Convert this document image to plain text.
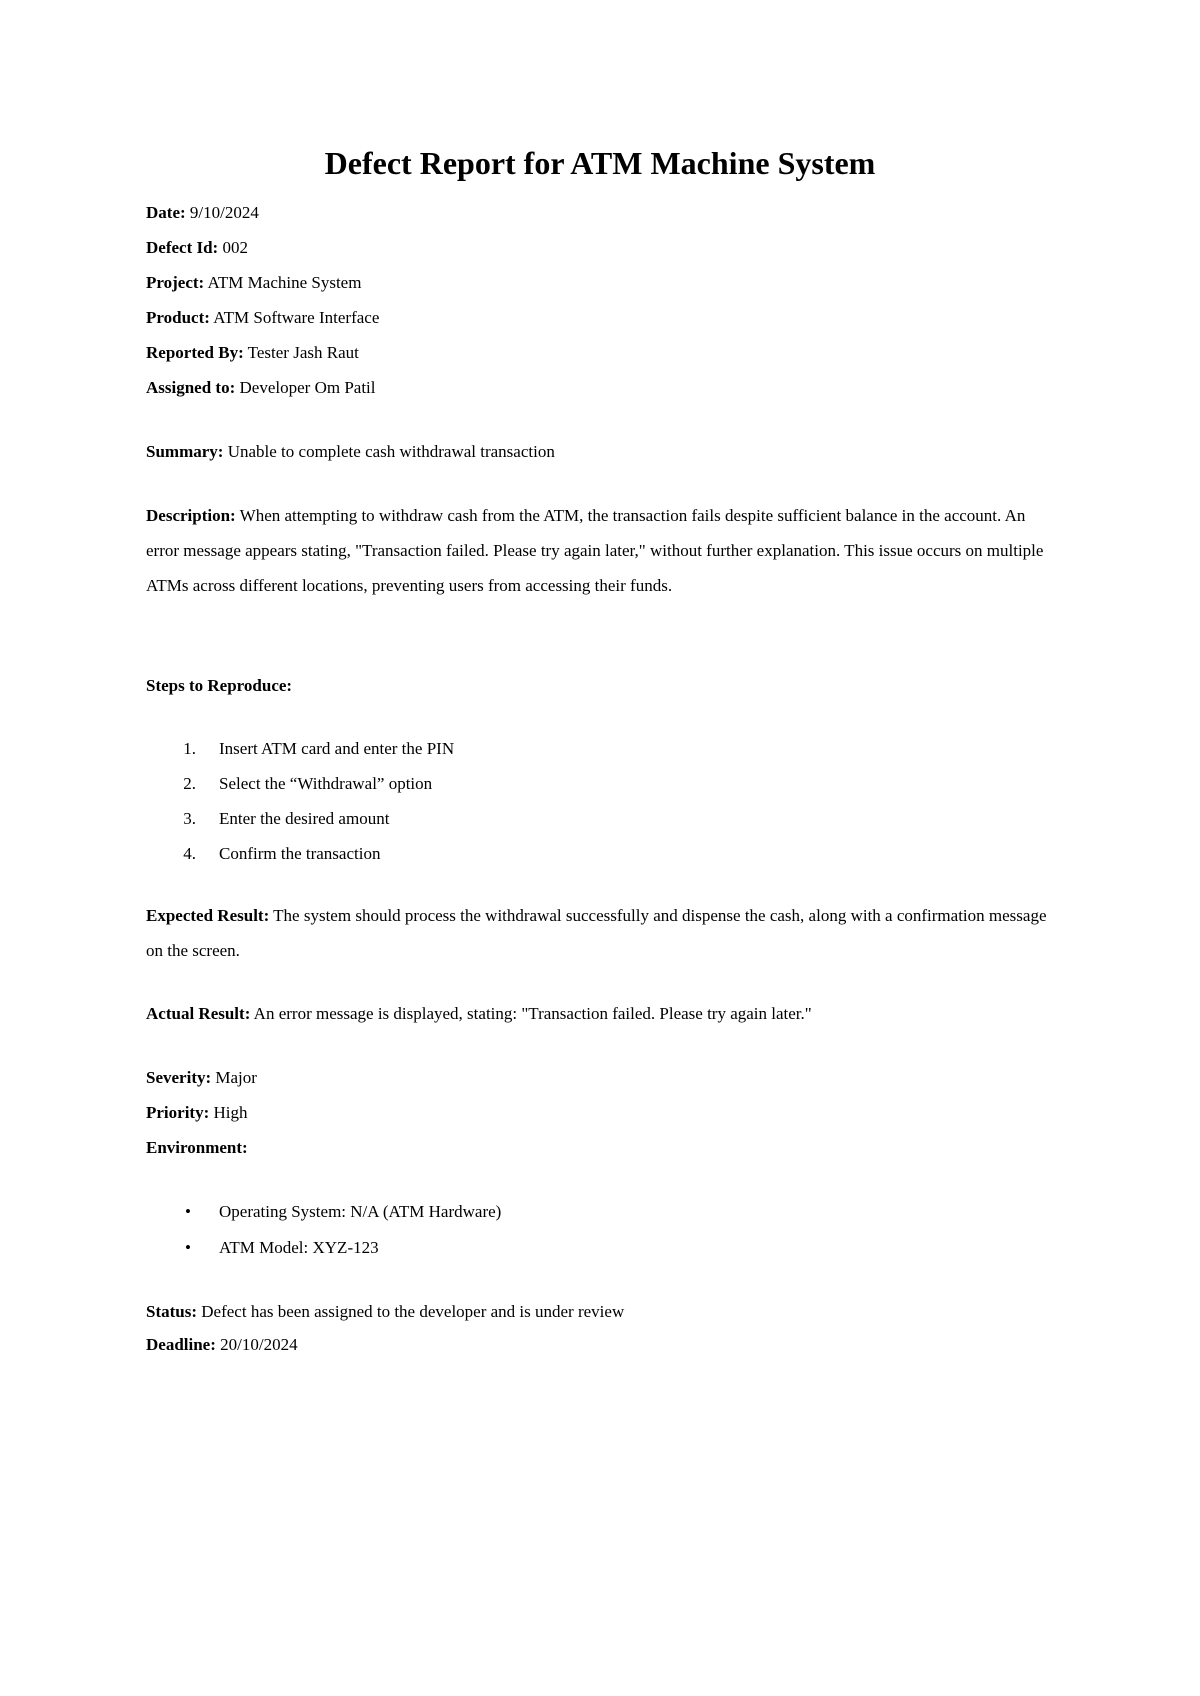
Defect Report for ATM Machine System
Date: 9/10/2024
Defect Id: 002
Project: ATM Machine System
Product: ATM Software Interface
Reported By: Tester Jash Raut
Assigned to: Developer Om Patil
Summary: Unable to complete cash withdrawal transaction
Description: When attempting to withdraw cash from the ATM, the transaction fails despite sufficient balance in the account. An error message appears stating, "Transaction failed. Please try again later," without further explanation. This issue occurs on multiple ATMs across different locations, preventing users from accessing their funds.
Steps to Reproduce:
1. Insert ATM card and enter the PIN
2. Select the “Withdrawal” option
3. Enter the desired amount
4. Confirm the transaction
Expected Result: The system should process the withdrawal successfully and dispense the cash, along with a confirmation message on the screen.
Actual Result: An error message is displayed, stating: "Transaction failed. Please try again later."
Severity: Major
Priority: High
Environment:
• Operating System: N/A (ATM Hardware)
• ATM Model: XYZ-123
Status: Defect has been assigned to the developer and is under review
Deadline: 20/10/2024
